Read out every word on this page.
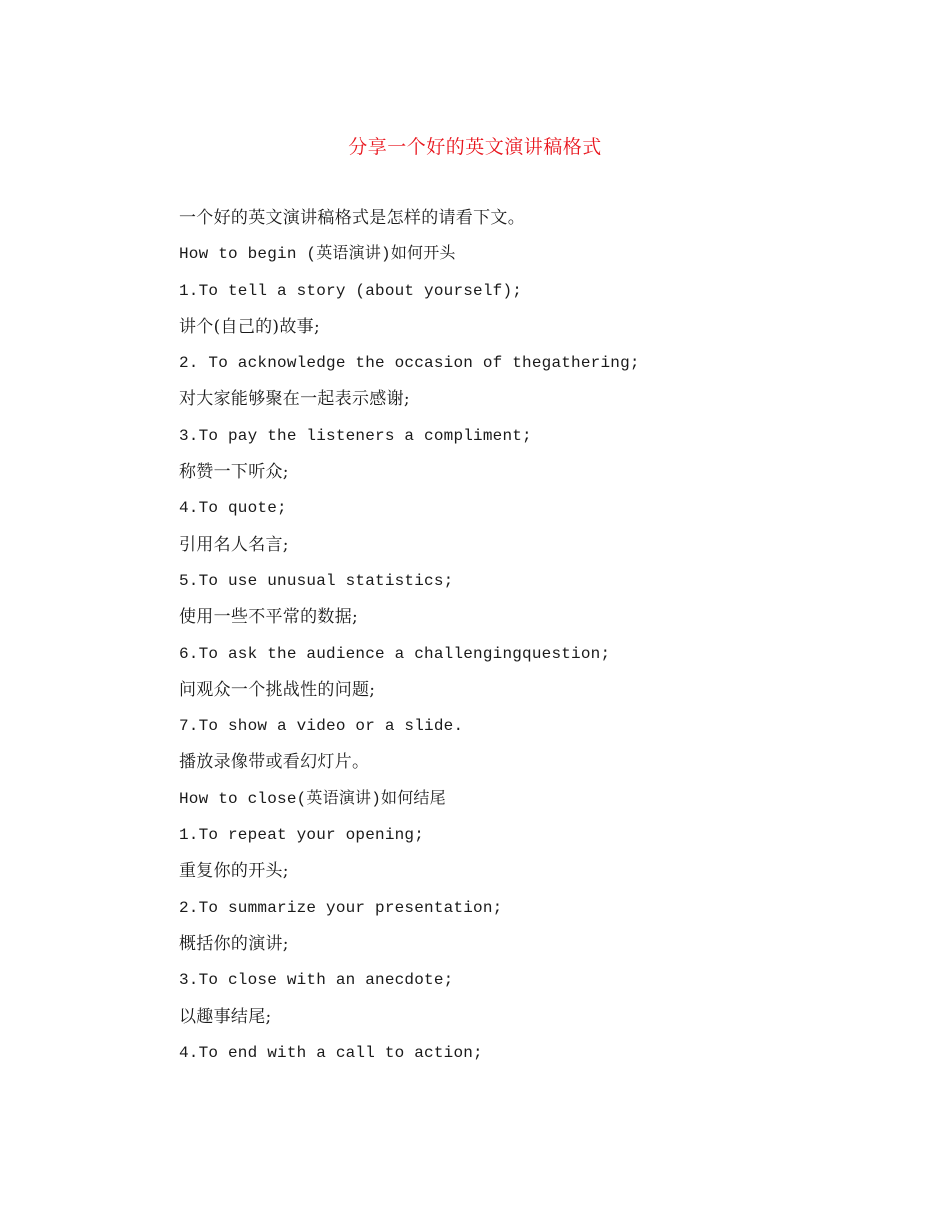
分享一个好的英文演讲稿格式
一个好的英文演讲稿格式是怎样的请看下文。
How to begin (英语演讲)如何开头
1.To tell a story (about yourself);
讲个(自己的)故事;
2. To acknowledge the occasion of thegathering;
对大家能够聚在一起表示感谢;
3.To pay the listeners a compliment;
称赞一下听众;
4.To quote;
引用名人名言;
5.To use unusual statistics;
使用一些不平常的数据;
6.To ask the audience a challengingquestion;
问观众一个挑战性的问题;
7.To show a video or a slide.
播放录像带或看幻灯片。
How to close(英语演讲)如何结尾
1.To repeat your opening;
重复你的开头;
2.To summarize your presentation;
概括你的演讲;
3.To close with an anecdote;
以趣事结尾;
4.To end with a call to action;
